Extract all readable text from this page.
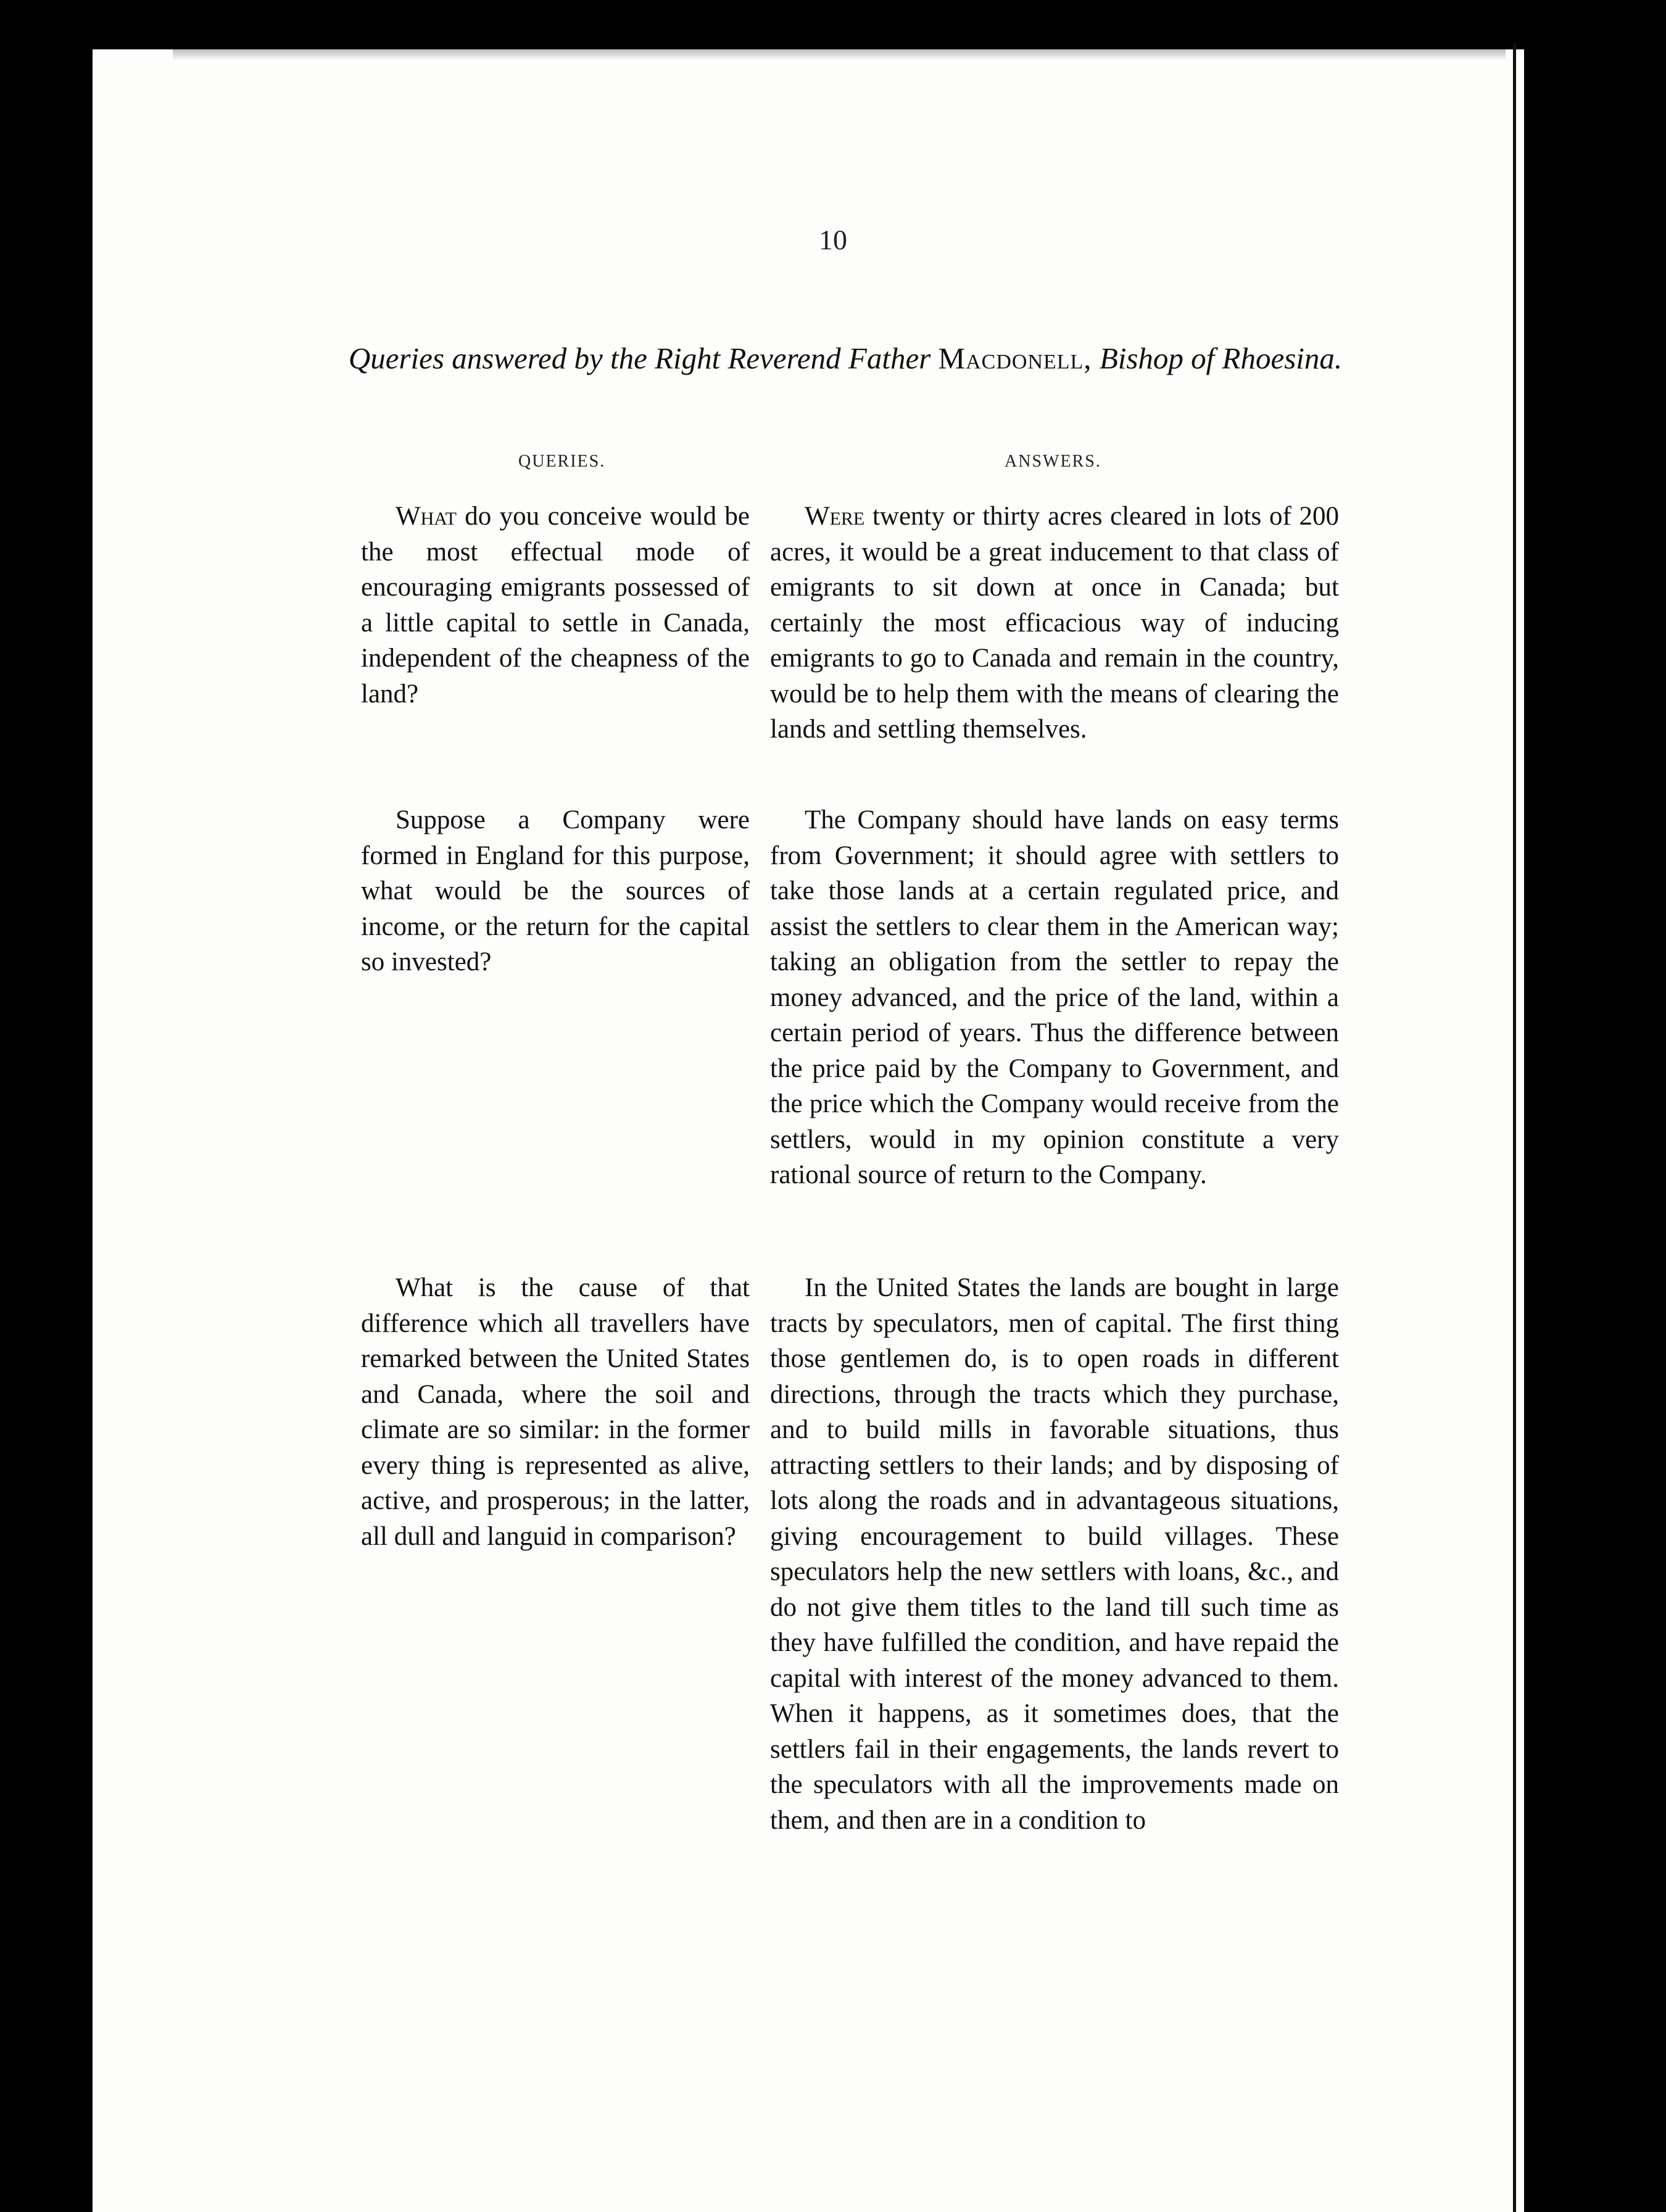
10
Queries answered by the Right Reverend Father Macdonell, Bishop of Rhoesina.
QUERIES.	ANSWERS.

What do you conceive would be the most effectual mode of encouraging emigrants possessed of a little capital to settle in Canada, independent of the cheapness of the land?

Were twenty or thirty acres cleared in lots of 200 acres, it would be a great inducement to that class of emigrants to sit down at once in Canada; but certainly the most efficacious way of inducing emigrants to go to Canada and remain in the country, would be to help them with the means of clearing the lands and settling themselves.

Suppose a Company were formed in England for this purpose, what would be the sources of income, or the return for the capital so invested?

The Company should have lands on easy terms from Government; it should agree with settlers to take those lands at a certain regulated price, and assist the settlers to clear them in the American way; taking an obligation from the settler to repay the money advanced, and the price of the land, within a certain period of years. Thus the difference between the price paid by the Company to Government, and the price which the Company would receive from the settlers, would in my opinion constitute a very rational source of return to the Company.

What is the cause of that difference which all travellers have remarked between the United States and Canada, where the soil and climate are so similar: in the former every thing is represented as alive, active, and prosperous; in the latter, all dull and languid in comparison?

In the United States the lands are bought in large tracts by speculators, men of capital. The first thing those gentlemen do, is to open roads in different directions, through the tracts which they purchase, and to build mills in favorable situations, thus attracting settlers to their lands; and by disposing of lots along the roads and in advantageous situations, giving encouragement to build villages. These speculators help the new settlers with loans, &c., and do not give them titles to the land till such time as they have fulfilled the condition, and have repaid the capital with interest of the money advanced to them. When it happens, as it sometimes does, that the settlers fail in their engagements, the lands revert to the speculators with all the improvements made on them, and then are in a condition to
